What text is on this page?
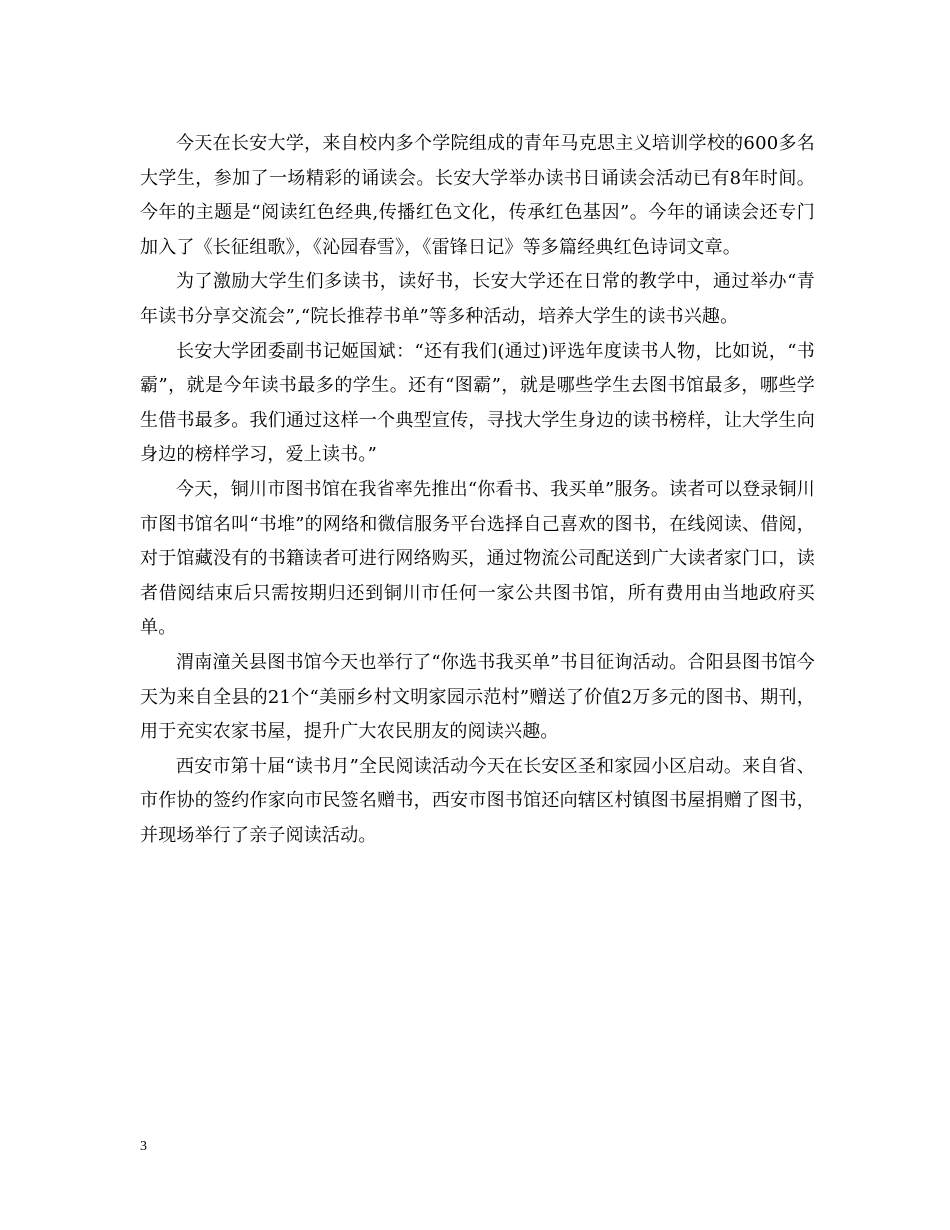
今天在长安大学，来自校内多个学院组成的青年马克思主义培训学校的600多名大学生，参加了一场精彩的诵读会。长安大学举办读书日诵读会活动已有8年时间。今年的主题是“阅读红色经典,传播红色文化，传承红色基因”。今年的诵读会还专门加入了《长征组歌》，《沁园春雪》，《雷锋日记》等多篇经典红色诗词文章。

为了激励大学生们多读书，读好书，长安大学还在日常的教学中，通过举办“青年读书分享交流会”,“院长推荐书单”等多种活动，培养大学生的读书兴趣。

长安大学团委副书记姬国斌：“还有我们(通过)评选年度读书人物，比如说，“书霸”，就是今年读书最多的学生。还有“图霸”，就是哪些学生去图书馆最多，哪些学生借书最多。我们通过这样一个典型宣传，寻找大学生身边的读书榜样，让大学生向身边的榜样学习，爱上读书。”

今天，铜川市图书馆在我省率先推出“你看书、我买单”服务。读者可以登录铜川市图书馆名叫“书堆”的网络和微信服务平台选择自己喜欢的图书，在线阅读、借阅，对于馆藏没有的书籍读者可进行网络购买，通过物流公司配送到广大读者家门口，读者借阅结束后只需按期归还到铜川市任何一家公共图书馆，所有费用由当地政府买单。

渭南潼关县图书馆今天也举行了“你选书我买单”书目征询活动。合阳县图书馆今天为来自全县的21个“美丽乡村文明家园示范村”赠送了价值2万多元的图书、期刊，用于充实农家书屋，提升广大农民朋友的阅读兴趣。

西安市第十届“读书月”全民阅读活动今天在长安区圣和家园小区启动。来自省、市作协的签约作家向市民签名赠书，西安市图书馆还向辖区村镇图书屋捐赠了图书，并现场举行了亲子阅读活动。

3
